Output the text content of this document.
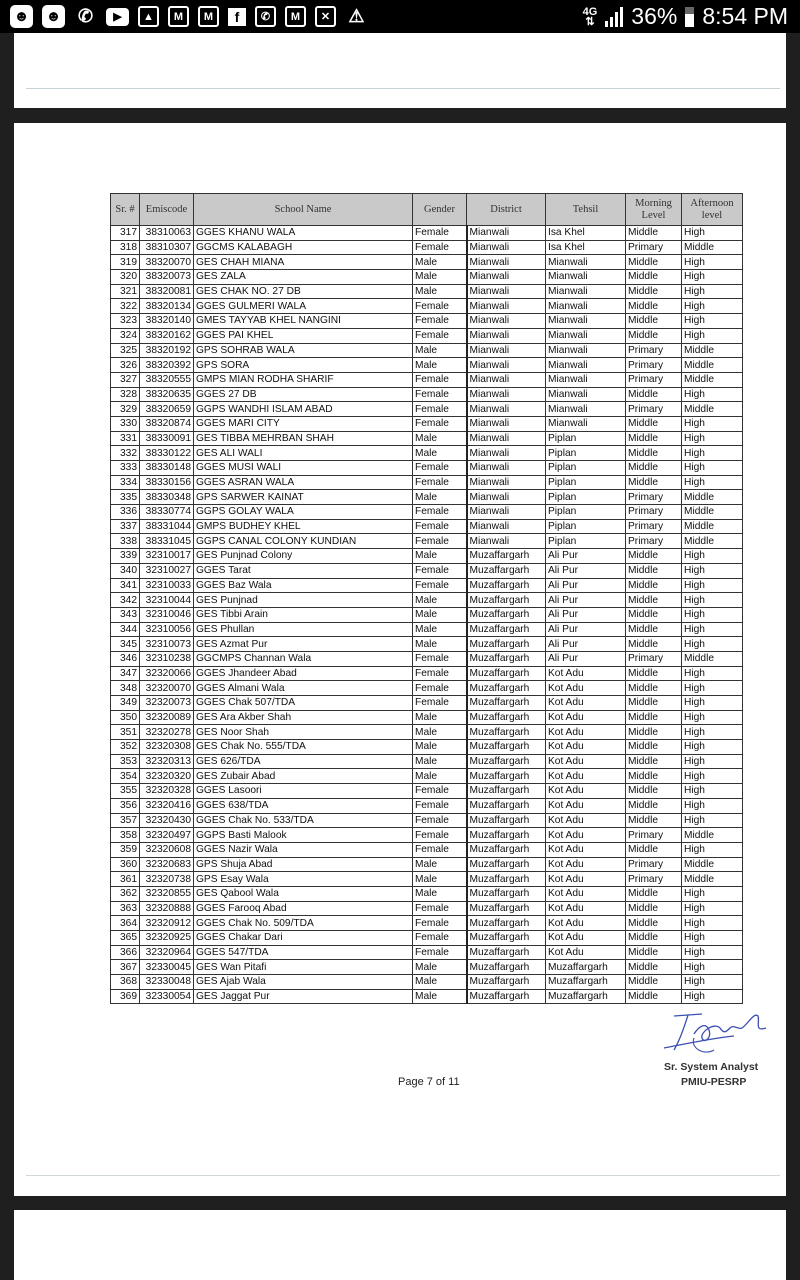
☻ ☻ ✆	▶	▲	M	M	f	✆	M	✕	⚠	4G
⇅ 36% 8:54 PM
Sr. #	Emiscode	School Name	Gender	District	Tehsil	Morning Level	Afternoon level
317	38310063	GGES KHANU WALA	Female	Mianwali	Isa Khel	Middle	High
318	38310307	GGCMS KALABAGH	Female	Mianwali	Isa Khel	Primary	Middle
319	38320070	GES CHAH MIANA	Male	Mianwali	Mianwali	Middle	High
320	38320073	GES ZALA	Male	Mianwali	Mianwali	Middle	High
321	38320081	GES CHAK NO. 27 DB	Male	Mianwali	Mianwali	Middle	High
322	38320134	GGES GULMERI WALA	Female	Mianwali	Mianwali	Middle	High
323	38320140	GMES TAYYAB KHEL NANGINI	Female	Mianwali	Mianwali	Middle	High
324	38320162	GGES PAI KHEL	Female	Mianwali	Mianwali	Middle	High
325	38320192	GPS SOHRAB WALA	Male	Mianwali	Mianwali	Primary	Middle
326	38320392	GPS SORA	Male	Mianwali	Mianwali	Primary	Middle
327	38320555	GMPS MIAN RODHA SHARIF	Female	Mianwali	Mianwali	Primary	Middle
328	38320635	GGES 27 DB	Female	Mianwali	Mianwali	Middle	High
329	38320659	GGPS WANDHI ISLAM ABAD	Female	Mianwali	Mianwali	Primary	Middle
330	38320874	GGES MARI CITY	Female	Mianwali	Mianwali	Middle	High
331	38330091	GES TIBBA MEHRBAN SHAH	Male	Mianwali	Piplan	Middle	High
332	38330122	GES ALI WALI	Male	Mianwali	Piplan	Middle	High
333	38330148	GGES MUSI WALI	Female	Mianwali	Piplan	Middle	High
334	38330156	GGES ASRAN WALA	Female	Mianwali	Piplan	Middle	High
335	38330348	GPS SARWER KAINAT	Male	Mianwali	Piplan	Primary	Middle
336	38330774	GGPS GOLAY WALA	Female	Mianwali	Piplan	Primary	Middle
337	38331044	GMPS BUDHEY KHEL	Female	Mianwali	Piplan	Primary	Middle
338	38331045	GGPS CANAL COLONY KUNDIAN	Female	Mianwali	Piplan	Primary	Middle
339	32310017	GES Punjnad Colony	Male	Muzaffargarh	Ali Pur	Middle	High
340	32310027	GGES Tarat	Female	Muzaffargarh	Ali Pur	Middle	High
341	32310033	GGES Baz Wala	Female	Muzaffargarh	Ali Pur	Middle	High
342	32310044	GES Punjnad	Male	Muzaffargarh	Ali Pur	Middle	High
343	32310046	GES Tibbi Arain	Male	Muzaffargarh	Ali Pur	Middle	High
344	32310056	GES Phullan	Male	Muzaffargarh	Ali Pur	Middle	High
345	32310073	GES Azmat Pur	Male	Muzaffargarh	Ali Pur	Middle	High
346	32310238	GGCMPS Channan Wala	Female	Muzaffargarh	Ali Pur	Primary	Middle
347	32320066	GGES Jhandeer Abad	Female	Muzaffargarh	Kot Adu	Middle	High
348	32320070	GGES Almani Wala	Female	Muzaffargarh	Kot Adu	Middle	High
349	32320073	GGES Chak 507/TDA	Female	Muzaffargarh	Kot Adu	Middle	High
350	32320089	GES Ara Akber Shah	Male	Muzaffargarh	Kot Adu	Middle	High
351	32320278	GES Noor Shah	Male	Muzaffargarh	Kot Adu	Middle	High
352	32320308	GES Chak No. 555/TDA	Male	Muzaffargarh	Kot Adu	Middle	High
353	32320313	GES 626/TDA	Male	Muzaffargarh	Kot Adu	Middle	High
354	32320320	GES Zubair Abad	Male	Muzaffargarh	Kot Adu	Middle	High
355	32320328	GGES Lasoori	Female	Muzaffargarh	Kot Adu	Middle	High
356	32320416	GGES 638/TDA	Female	Muzaffargarh	Kot Adu	Middle	High
357	32320430	GGES Chak No. 533/TDA	Female	Muzaffargarh	Kot Adu	Middle	High
358	32320497	GGPS Basti Malook	Female	Muzaffargarh	Kot Adu	Primary	Middle
359	32320608	GGES Nazir Wala	Female	Muzaffargarh	Kot Adu	Middle	High
360	32320683	GPS Shuja Abad	Male	Muzaffargarh	Kot Adu	Primary	Middle
361	32320738	GPS Esay Wala	Male	Muzaffargarh	Kot Adu	Primary	Middle
362	32320855	GES Qabool Wala	Male	Muzaffargarh	Kot Adu	Middle	High
363	32320888	GGES Farooq Abad	Female	Muzaffargarh	Kot Adu	Middle	High
364	32320912	GGES Chak No. 509/TDA	Female	Muzaffargarh	Kot Adu	Middle	High
365	32320925	GGES Chakar Dari	Female	Muzaffargarh	Kot Adu	Middle	High
366	32320964	GGES 547/TDA	Female	Muzaffargarh	Kot Adu	Middle	High
367	32330045	GES Wan Pitafi	Male	Muzaffargarh	Muzaffargarh	Middle	High
368	32330048	GES Ajab Wala	Male	Muzaffargarh	Muzaffargarh	Middle	High
369	32330054	GES Jaggat Pur	Male	Muzaffargarh	Muzaffargarh	Middle	High
Sr. System Analyst
PMIU-PESRP
Page 7 of 11
